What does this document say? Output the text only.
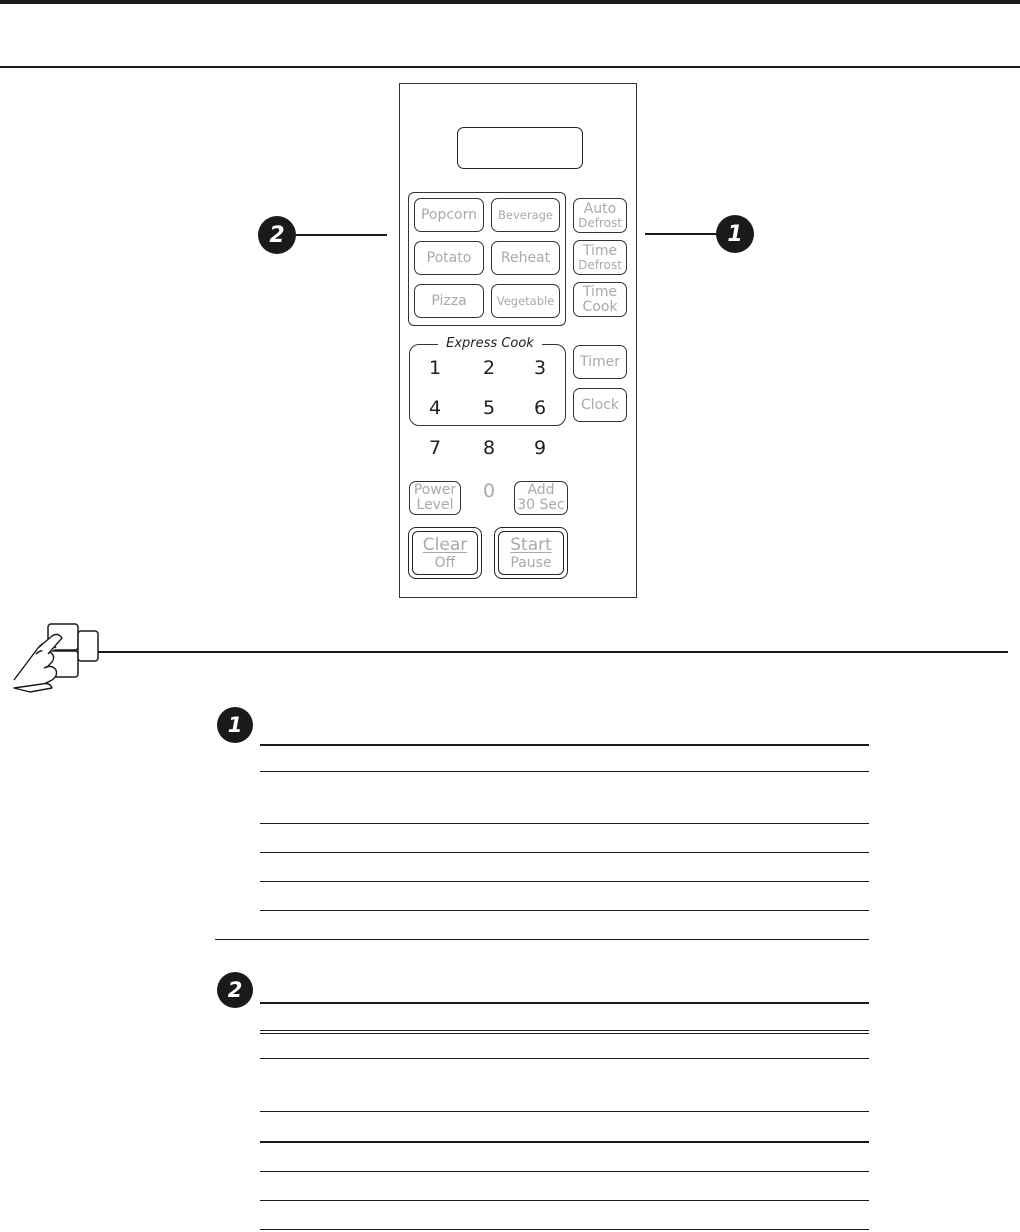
Popcorn Beverage
Potato Reheat
Pizza	Vegetable
Auto
Defrost
Time
Defrost
Time
Cook
Timer
Clock
Express Cook
1 2 3
4 5 6
7 8 9
0
Power
Level
Add
30 Sec
Clear
Off
Start
Pause
2	1
1
2
